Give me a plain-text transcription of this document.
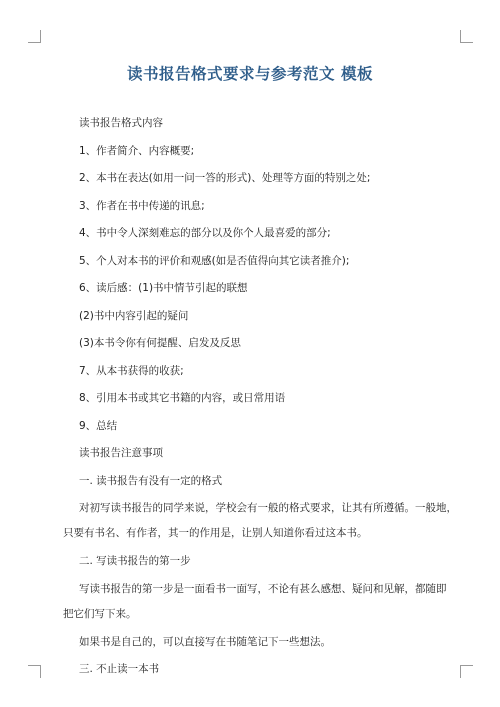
读书报告格式要求与参考范文 模板
读书报告格式内容
1、作者简介、内容概要;
2、本书在表达(如用一问一答的形式)、处理等方面的特别之处;
3、作者在书中传递的讯息;
4、书中令人深刻难忘的部分以及你个人最喜爱的部分;
5、个人对本书的评价和观感(如是否值得向其它读者推介);
6、读后感：(1)书中情节引起的联想
(2)书中内容引起的疑问
(3)本书令你有何提醒、启发及反思
7、从本书获得的收获;
8、引用本书或其它书籍的内容，或日常用语
9、总结
读书报告注意事项
一. 读书报告有没有一定的格式
对初写读书报告的同学来说，学校会有一般的格式要求，让其有所遵循。一般地，
只要有书名、有作者，其一的作用是，让别人知道你看过这本书。
二. 写读书报告的第一步
写读书报告的第一步是一面看书一面写，不论有甚么感想、疑问和见解，都随即
把它们写下来。
如果书是自己的，可以直接写在书随笔记下一些想法。
三. 不止读一本书
